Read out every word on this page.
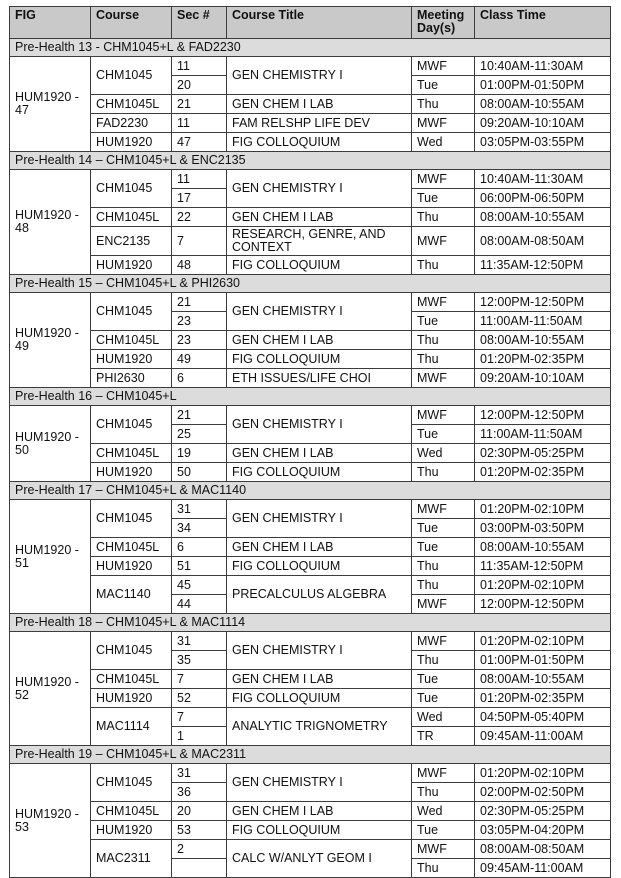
FIG	Course	Sec #	Course Title	Meeting Day(s)	Class Time
Pre-Health 13 - CHM1045+L & FAD2230					
HUM1920 - 47	CHM1045	11	GEN CHEMISTRY I	MWF	10:40AM-11:30AM
		20		Tue	01:00PM-01:50PM
	CHM1045L	21	GEN CHEM I LAB	Thu	08:00AM-10:55AM
	FAD2230	11	FAM RELSHP LIFE DEV	MWF	09:20AM-10:10AM
	HUM1920	47	FIG COLLOQUIUM	Wed	03:05PM-03:55PM
Pre-Health 14 – CHM1045+L & ENC2135					
HUM1920 - 48	CHM1045	11	GEN CHEMISTRY I	MWF	10:40AM-11:30AM
		17		Tue	06:00PM-06:50PM
	CHM1045L	22	GEN CHEM I LAB	Thu	08:00AM-10:55AM
	ENC2135	7	RESEARCH, GENRE, AND CONTEXT	MWF	08:00AM-08:50AM
	HUM1920	48	FIG COLLOQUIUM	Thu	11:35AM-12:50PM
Pre-Health 15 – CHM1045+L & PHI2630					
HUM1920 - 49	CHM1045	21	GEN CHEMISTRY I	MWF	12:00PM-12:50PM
		23		Tue	11:00AM-11:50AM
	CHM1045L	23	GEN CHEM I LAB	Thu	08:00AM-10:55AM
	HUM1920	49	FIG COLLOQUIUM	Thu	01:20PM-02:35PM
	PHI2630	6	ETH ISSUES/LIFE CHOI	MWF	09:20AM-10:10AM
Pre-Health 16 – CHM1045+L					
HUM1920 - 50	CHM1045	21	GEN CHEMISTRY I	MWF	12:00PM-12:50PM
		25		Tue	11:00AM-11:50AM
	CHM1045L	19	GEN CHEM I LAB	Wed	02:30PM-05:25PM
	HUM1920	50	FIG COLLOQUIUM	Thu	01:20PM-02:35PM
Pre-Health 17 – CHM1045+L & MAC1140					
HUM1920 - 51	CHM1045	31	GEN CHEMISTRY I	MWF	01:20PM-02:10PM
		34		Tue	03:00PM-03:50PM
	CHM1045L	6	GEN CHEM I LAB	Tue	08:00AM-10:55AM
	HUM1920	51	FIG COLLOQUIUM	Thu	11:35AM-12:50PM
	MAC1140	45	PRECALCULUS ALGEBRA	Thu	01:20PM-02:10PM
		44		MWF	12:00PM-12:50PM
Pre-Health 18 – CHM1045+L & MAC1114					
HUM1920 - 52	CHM1045	31	GEN CHEMISTRY I	MWF	01:20PM-02:10PM
		35		Thu	01:00PM-01:50PM
	CHM1045L	7	GEN CHEM I LAB	Tue	08:00AM-10:55AM
	HUM1920	52	FIG COLLOQUIUM	Tue	01:20PM-02:35PM
	MAC1114	7	ANALYTIC TRIGNOMETRY	Wed	04:50PM-05:40PM
		1		TR	09:45AM-11:00AM
Pre-Health 19 – CHM1045+L & MAC2311					
HUM1920 - 53	CHM1045	31	GEN CHEMISTRY I	MWF	01:20PM-02:10PM
		36		Thu	02:00PM-02:50PM
	CHM1045L	20	GEN CHEM I LAB	Wed	02:30PM-05:25PM
	HUM1920	53	FIG COLLOQUIUM	Tue	03:05PM-04:20PM
	MAC2311	2	CALC W/ANLYT GEOM I	MWF	08:00AM-08:50AM
				Thu	09:45AM-11:00AM
